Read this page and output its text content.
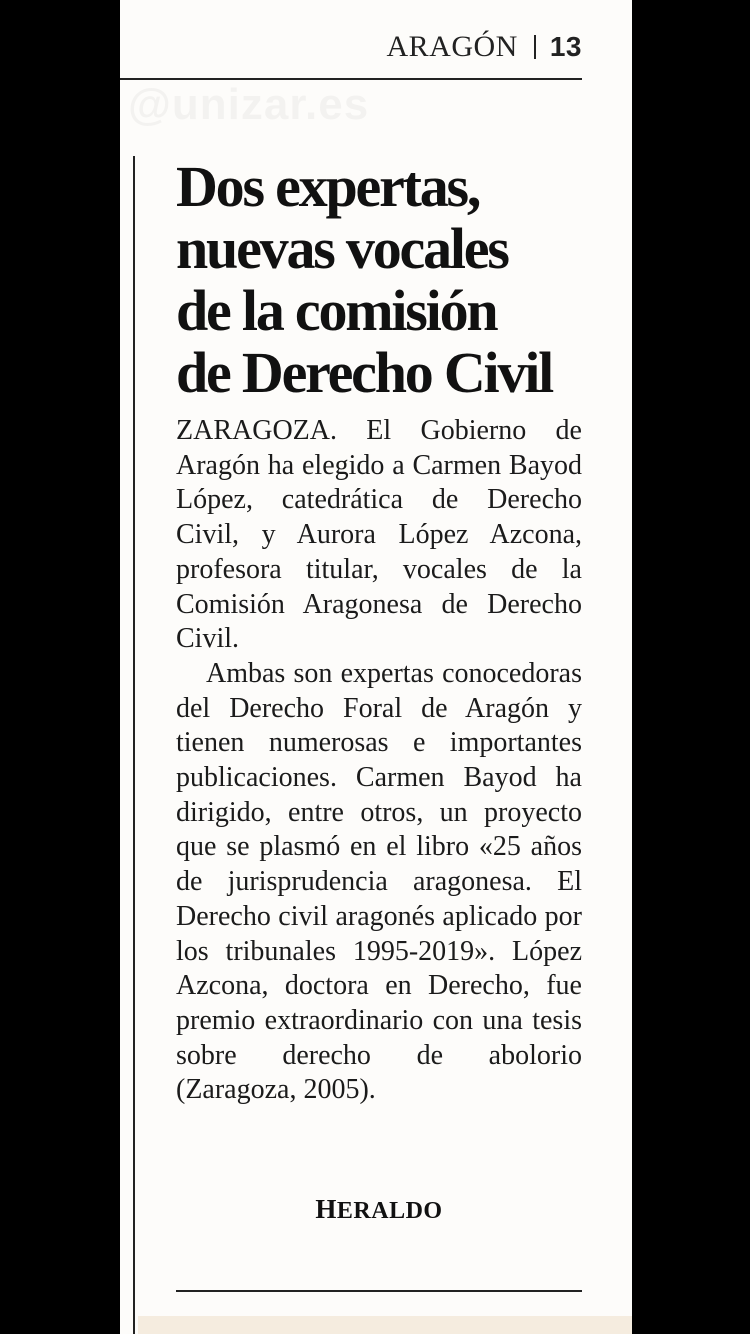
ARAGÓN 13
Dos expertas,
nuevas vocales
de la comisión
de Derecho Civil

ZARAGOZA. El Gobierno de Aragón ha elegido a Carmen Bayod López, catedrática de Derecho Civil, y Aurora López Azcona, profesora titular, vocales de la Comisión Aragonesa de Derecho Civil.

Ambas son expertas conocedoras del Derecho Foral de Aragón y tienen numerosas e importantes publicaciones. Carmen Bayod ha dirigido, entre otros, un proyecto que se plasmó en el libro «25 años de jurisprudencia aragonesa. El Derecho civil aragonés aplicado por los tribunales 1995-2019». López Azcona, doctora en Derecho, fue premio extraordinario con una tesis sobre derecho de abolorio (Zaragoza, 2005).

HERALDO
